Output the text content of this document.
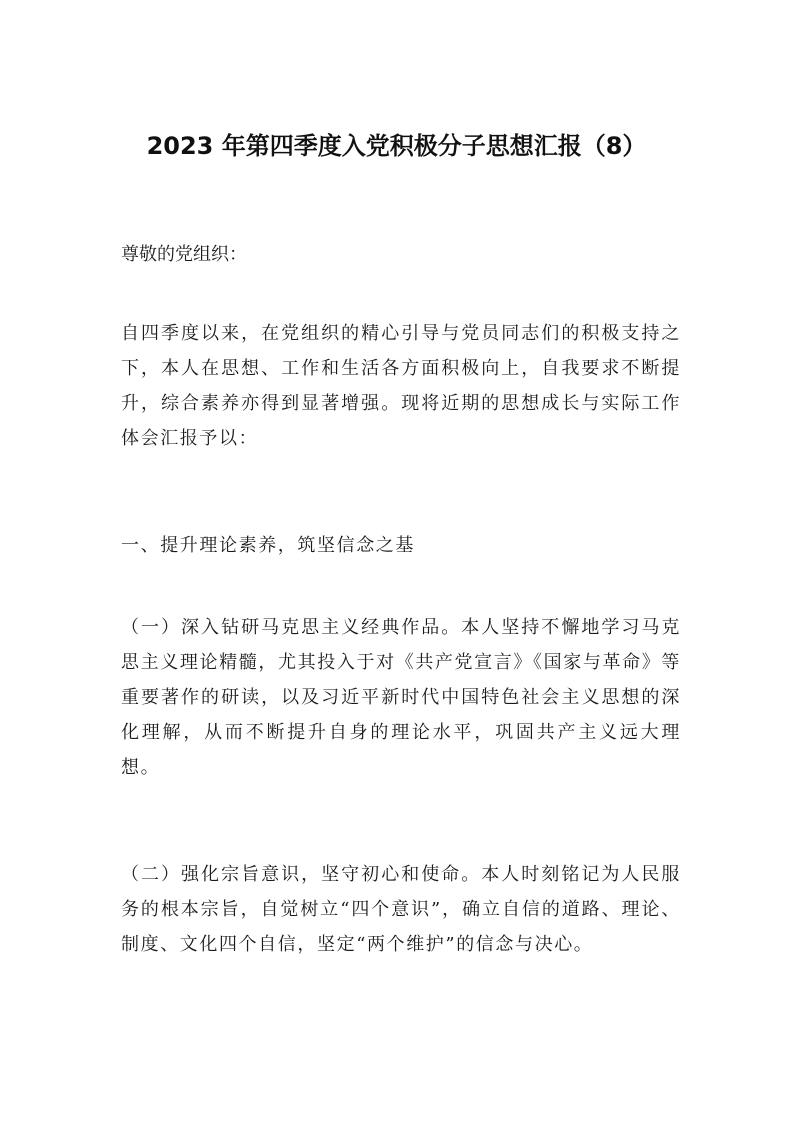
2023 年第四季度入党积极分子思想汇报（8）

尊敬的党组织：

自四季度以来，在党组织的精心引导与党员同志们的积极支持之下，本人在思想、工作和生活各方面积极向上，自我要求不断提升，综合素养亦得到显著增强。现将近期的思想成长与实际工作体会汇报予以：

一、提升理论素养，筑坚信念之基

（一）深入钻研马克思主义经典作品。本人坚持不懈地学习马克思主义理论精髓，尤其投入于对《共产党宣言》《国家与革命》等重要著作的研读，以及习近平新时代中国特色社会主义思想的深化理解，从而不断提升自身的理论水平，巩固共产主义远大理想。

（二）强化宗旨意识，坚守初心和使命。本人时刻铭记为人民服务的根本宗旨，自觉树立“四个意识”，确立自信的道路、理论、制度、文化四个自信，坚定“两个维护”的信念与决心。
